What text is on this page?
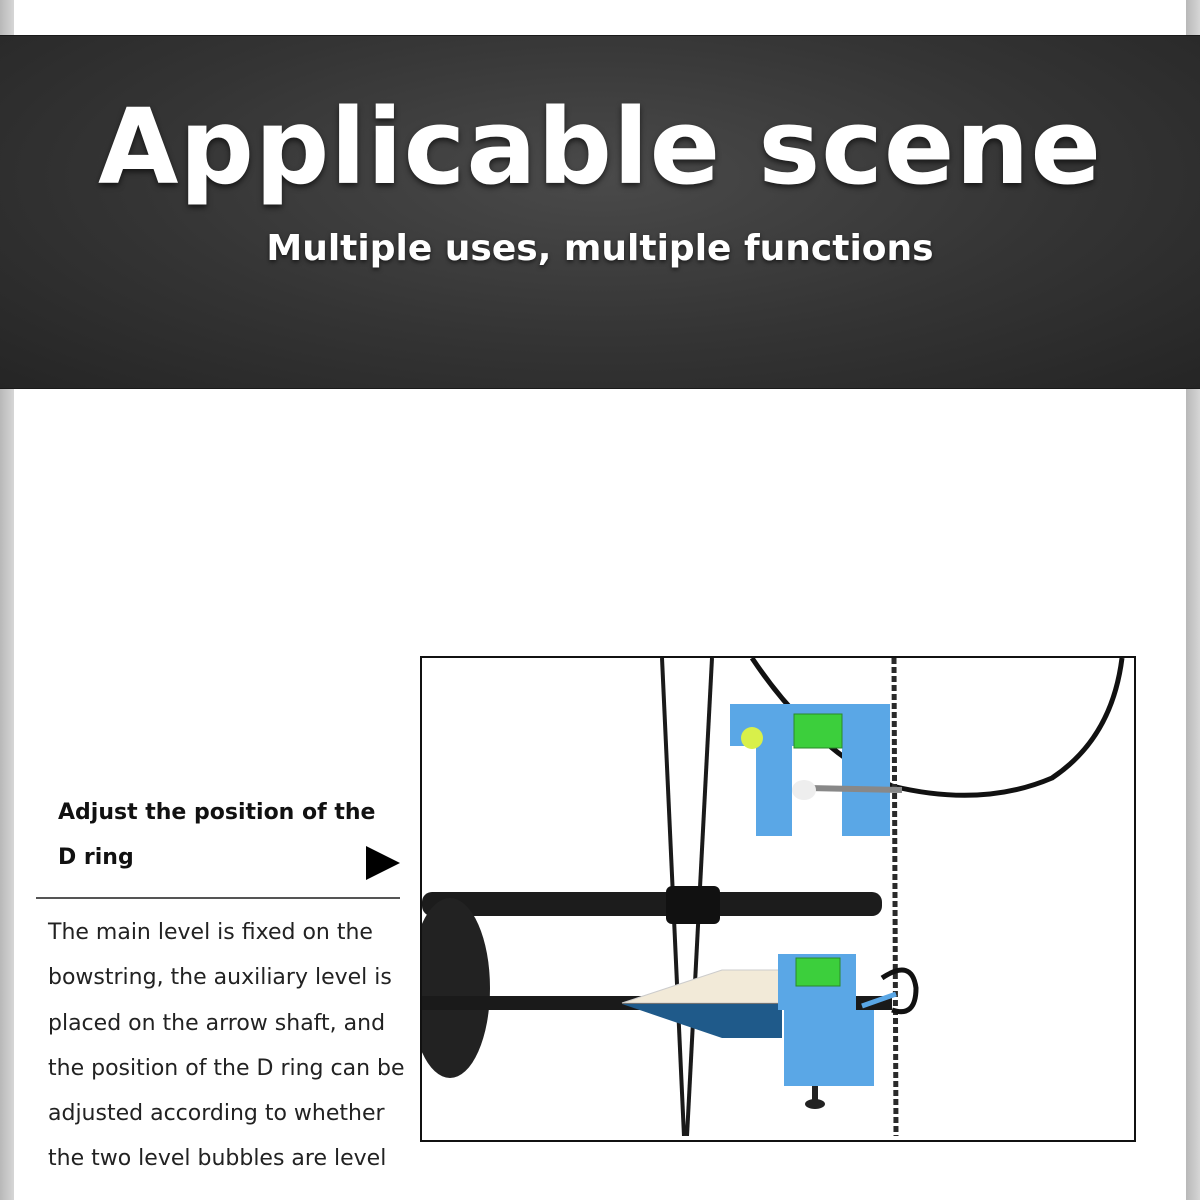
Applicable scene
Multiple uses, multiple functions
Adjust the position of the D ring
The main level is fixed on the bowstring, the auxiliary level is placed on the arrow shaft, and the position of the D ring can be adjusted according to whether the two level bubbles are level
